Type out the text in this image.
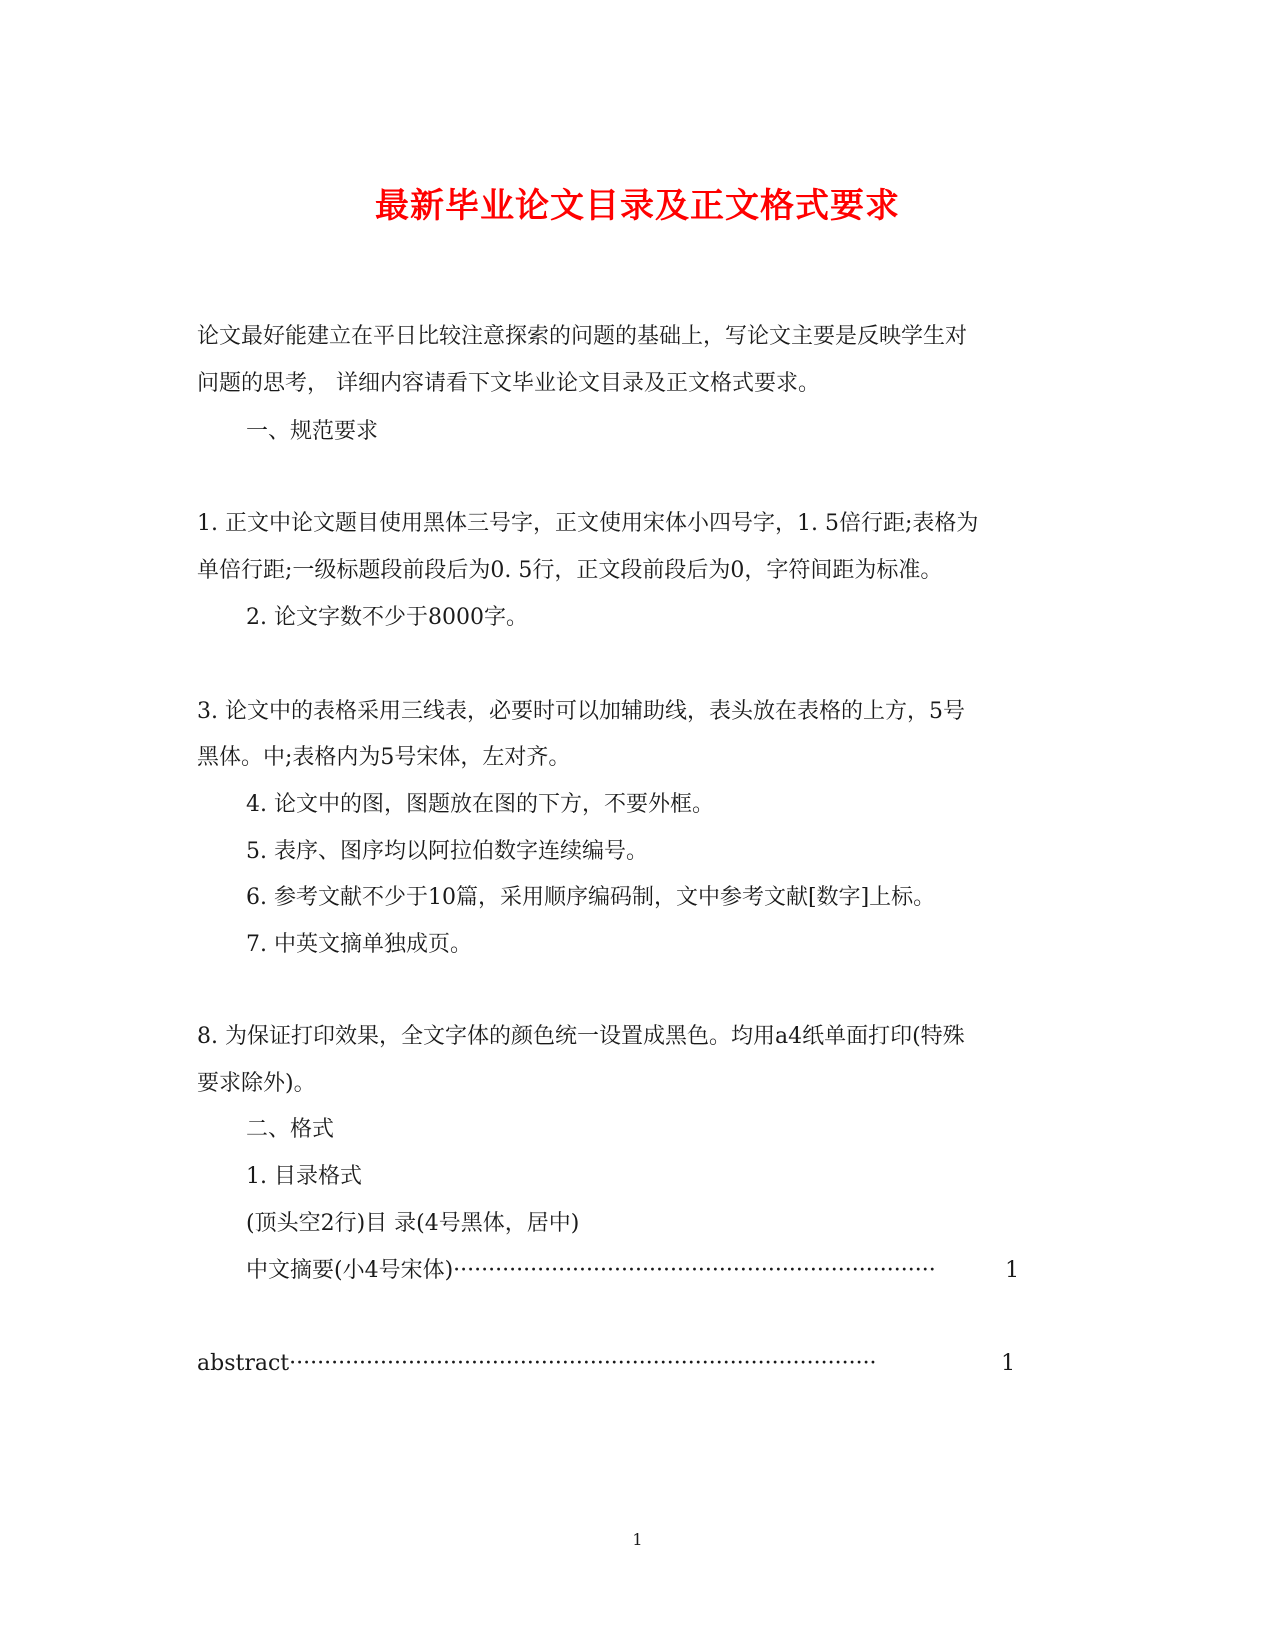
最新毕业论文目录及正文格式要求
论文最好能建立在平日比较注意探索的问题的基础上，写论文主要是反映学生对
问题的思考， 详细内容请看下文毕业论文目录及正文格式要求。
一、规范要求
1. 正文中论文题目使用黑体三号字，正文使用宋体小四号字，1. 5倍行距;表格为
单倍行距;一级标题段前段后为0. 5行，正文段前段后为0，字符间距为标准。
2. 论文字数不少于8000字。
3. 论文中的表格采用三线表，必要时可以加辅助线，表头放在表格的上方，5号
黑体。中;表格内为5号宋体，左对齐。
4. 论文中的图，图题放在图的下方，不要外框。
5. 表序、图序均以阿拉伯数字连续编号。
6. 参考文献不少于10篇，采用顺序编码制，文中参考文献[数字]上标。
7. 中英文摘单独成页。
8. 为保证打印效果，全文字体的颜色统一设置成黑色。均用a4纸单面打印(特殊
要求除外)。
二、格式
1. 目录格式
(顶头空2行)目 录(4号黑体，居中)
中文摘要(小4号宋体)·····································································	1
abstract····················································································	1
1
